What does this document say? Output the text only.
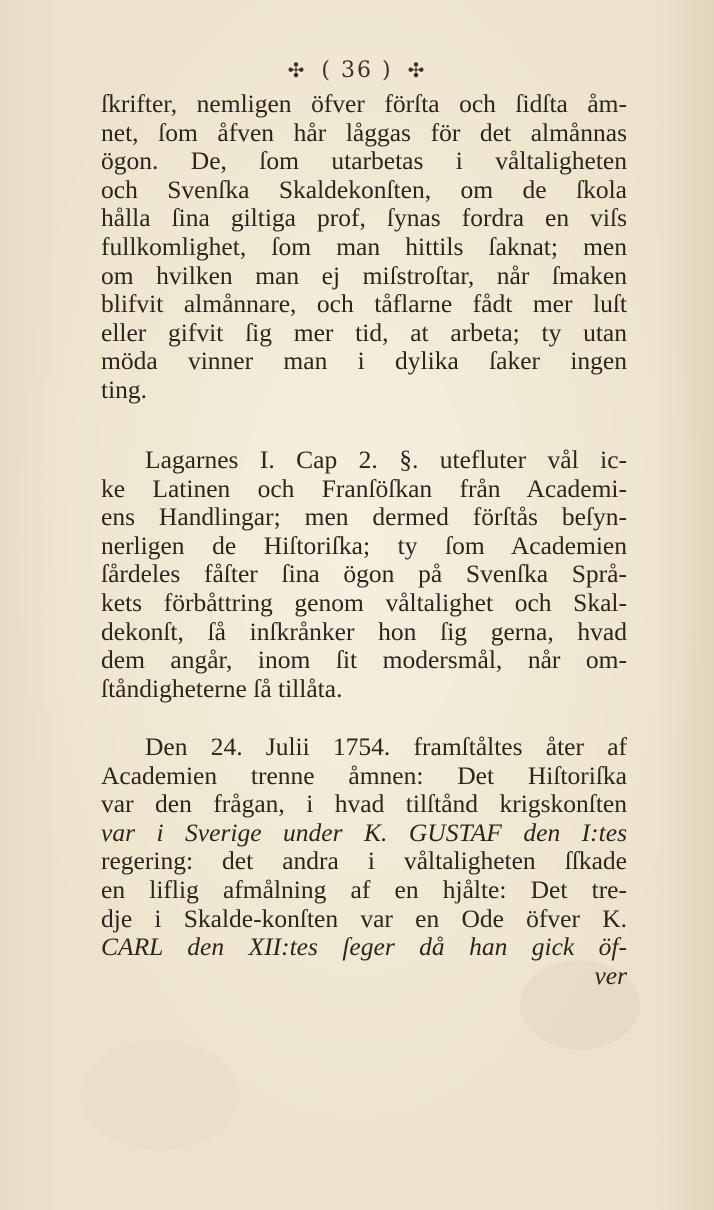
✣ ( 36 ) ✣
ſkrifter, nemligen öfver förſta och ſidſta åm-
net, ſom åfven hår låggas för det almånnas
ögon. De, ſom utarbetas i våltaligheten
och Svenſka Skaldekonſten, om de ſkola
hålla ſina giltiga prof, ſynas fordra en viſs
fullkomlighet, ſom man hittils ſaknat; men
om hvilken man ej miſstroſtar, når ſmaken
blifvit almånnare, och tåflarne fådt mer luſt
eller gifvit ſig mer tid, at arbeta; ty utan
möda vinner man i dylika ſaker ingen
ting.
Lagarnes I. Cap 2. §. utefluter vål ic-
ke Latinen och Franſöſkan från Academi-
ens Handlingar; men dermed förſtås beſyn-
nerligen de Hiſtoriſka; ty ſom Academien
ſårdeles fåſter ſina ögon på Svenſka Språ-
kets förbåttring genom våltalighet och Skal-
dekonſt, ſå inſkrånker hon ſig gerna, hvad
dem angår, inom ſit modersmål, når om-
ſtåndigheterne ſå tillåta.
Den 24. Julii 1754. framſtåltes åter af
Academien trenne åmnen: Det Hiſtoriſka
var den frågan, i hvad tilſtånd krigskonſten
var i Sverige under K. GUSTAF den I:tes
regering: det andra i våltaligheten ſſkade
en liflig afmålning af en hjålte: Det tre-
dje i Skalde-konſten var en Ode öfver K.
CARL den XII:tes ſeger då han gick öf-
ver
